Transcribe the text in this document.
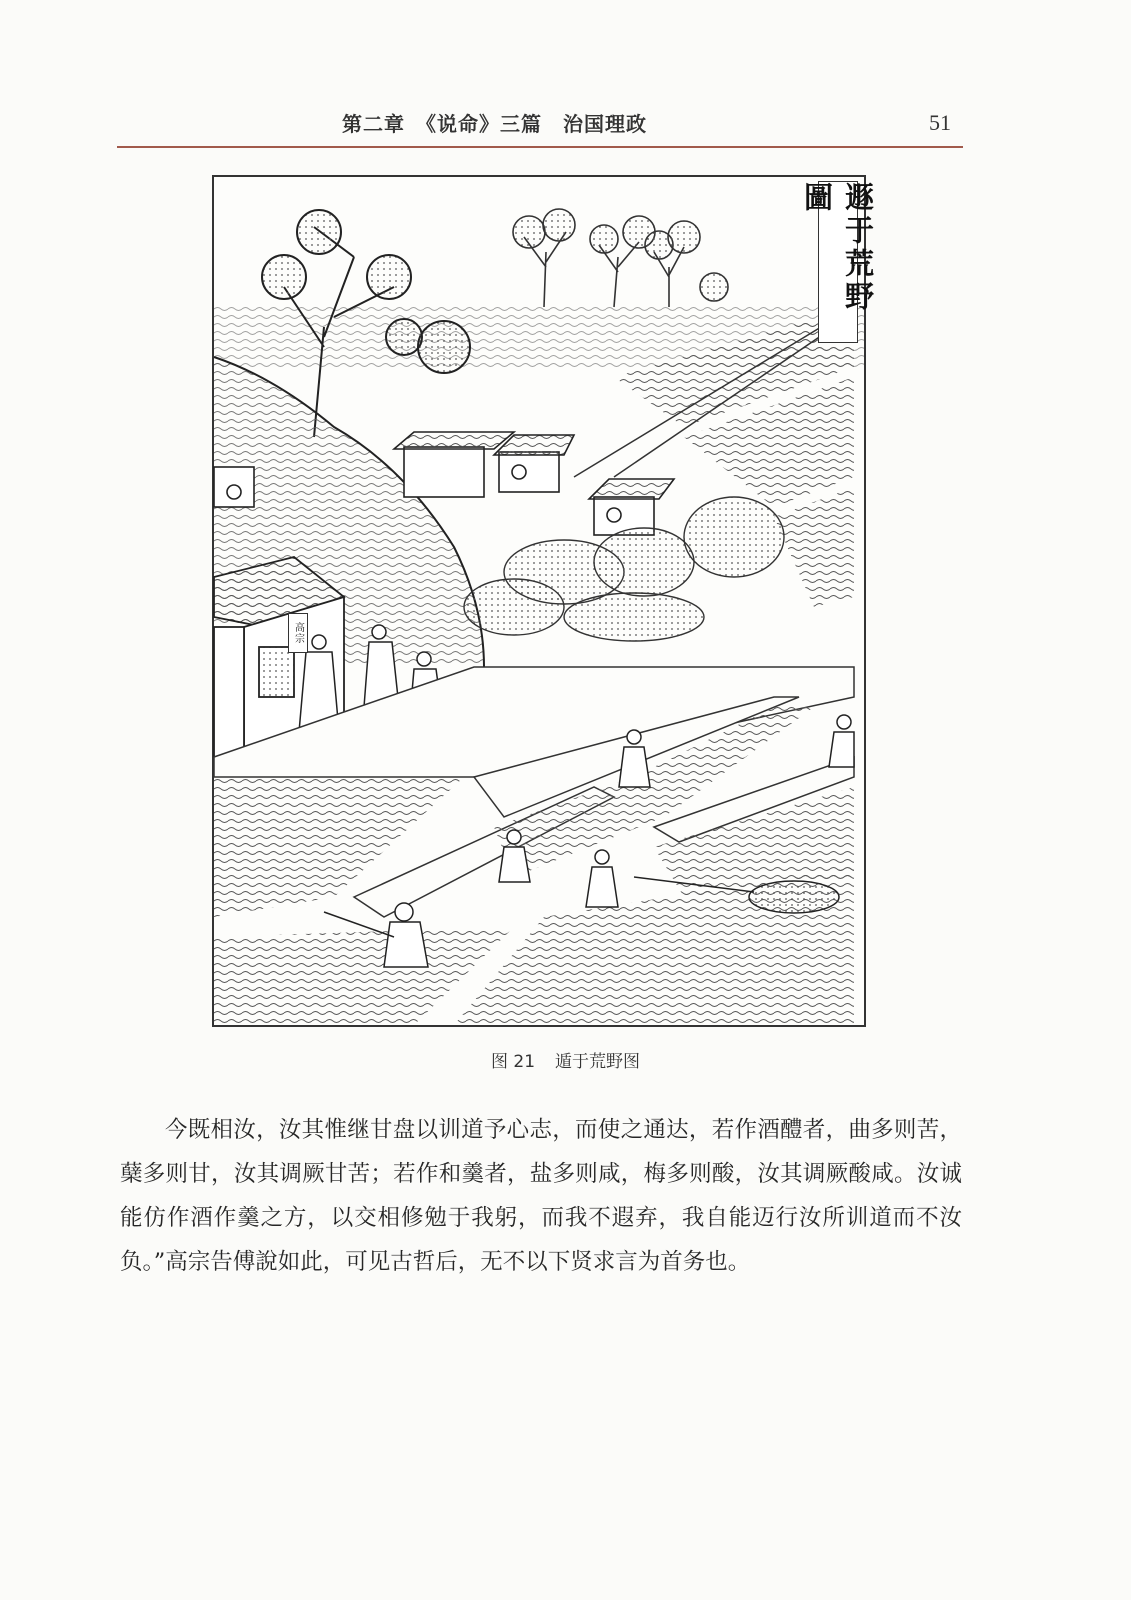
第二章　《说命》三篇　治国理政	51
遯于荒野圖
高宗
图 21 遁于荒野图
今既相汝，汝其惟继甘盘以训道予心志，而使之通达，若作酒醴者，曲多则苦，蘖多则甘，汝其调厥甘苦；若作和羹者，盐多则咸，梅多则酸，汝其调厥酸咸。汝诚能仿作酒作羹之方，以交相修勉于我躬，而我不遐弃，我自能迈行汝所训道而不汝负。”高宗告傅說如此，可见古哲后，无不以下贤求言为首务也。
